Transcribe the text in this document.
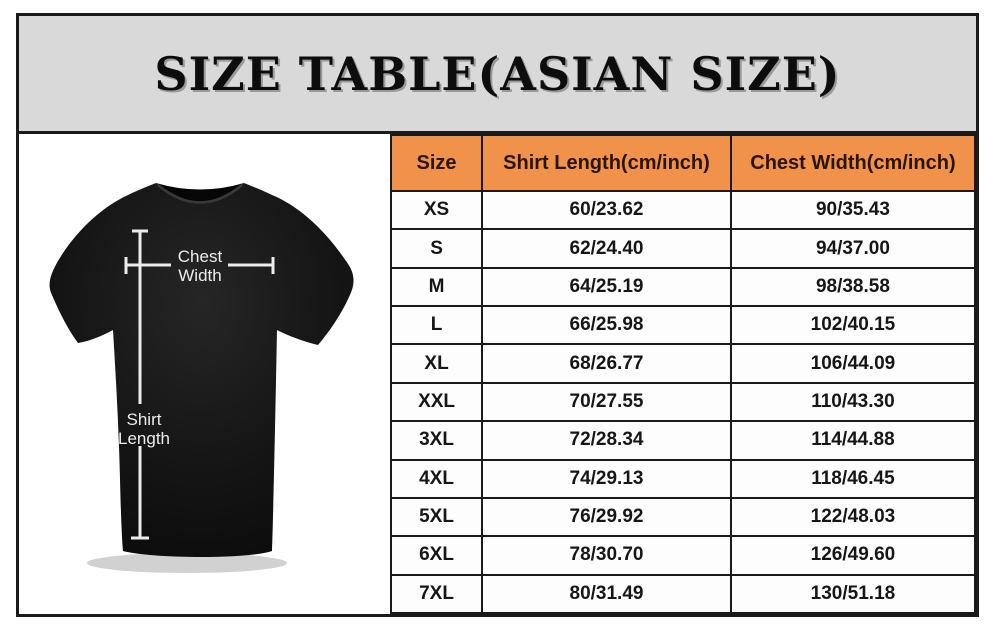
SIZE TABLE(ASIAN SIZE)
Chest
Width
Shirt
Length
Size	Shirt Length(cm/inch)	Chest Width(cm/inch)
XS	60/23.62	90/35.43
S	62/24.40	94/37.00
M	64/25.19	98/38.58
L	66/25.98	102/40.15
XL	68/26.77	106/44.09
XXL	70/27.55	110/43.30
3XL	72/28.34	114/44.88
4XL	74/29.13	118/46.45
5XL	76/29.92	122/48.03
6XL	78/30.70	126/49.60
7XL	80/31.49	130/51.18
